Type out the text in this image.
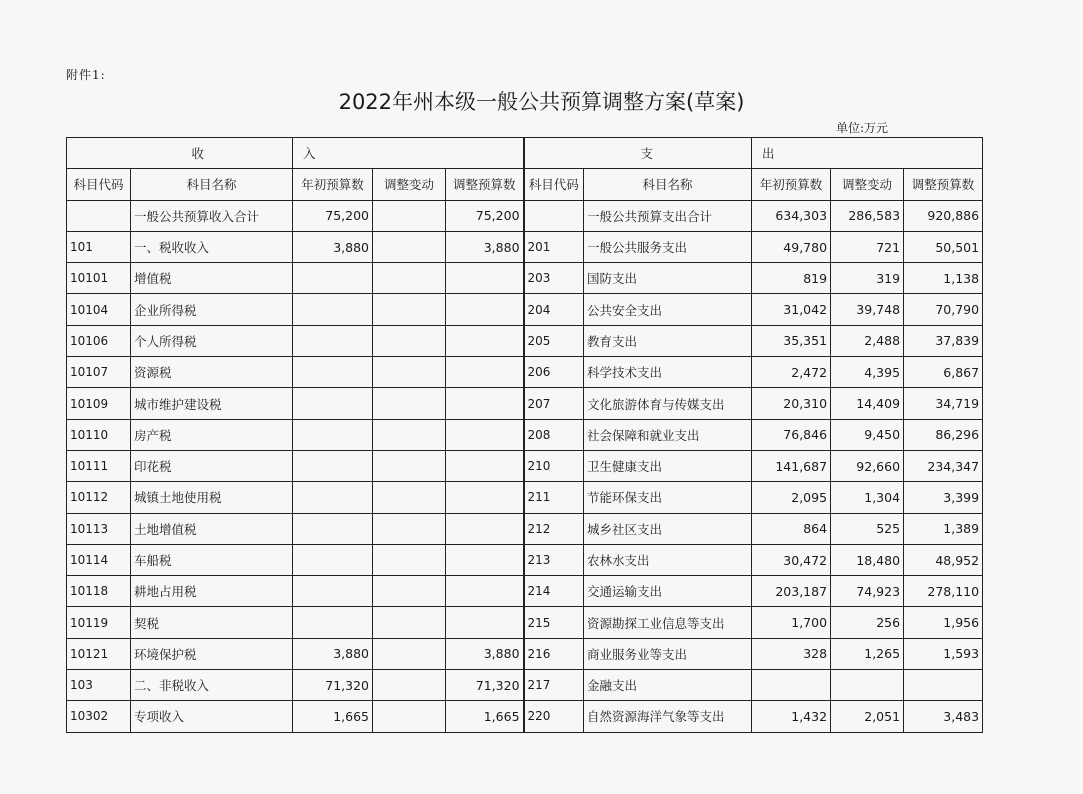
附件1:
2022年州本级一般公共预算调整方案(草案)
单位:万元
收		入			支		出		
科目代码	科目名称	年初预算数	调整变动	调整预算数	科目代码	科目名称	年初预算数	调整变动	调整预算数
	一般公共预算收入合计	75,200		75,200		一般公共预算支出合计	634,303	286,583	920,886
101	一、税收收入	3,880		3,880	201	一般公共服务支出	49,780	721	50,501
10101	增值税				203	国防支出	819	319	1,138
10104	企业所得税				204	公共安全支出	31,042	39,748	70,790
10106	个人所得税				205	教育支出	35,351	2,488	37,839
10107	资源税				206	科学技术支出	2,472	4,395	6,867
10109	城市维护建设税				207	文化旅游体育与传媒支出	20,310	14,409	34,719
10110	房产税				208	社会保障和就业支出	76,846	9,450	86,296
10111	印花税				210	卫生健康支出	141,687	92,660	234,347
10112	城镇土地使用税				211	节能环保支出	2,095	1,304	3,399
10113	土地增值税				212	城乡社区支出	864	525	1,389
10114	车船税				213	农林水支出	30,472	18,480	48,952
10118	耕地占用税				214	交通运输支出	203,187	74,923	278,110
10119	契税				215	资源勘探工业信息等支出	1,700	256	1,956
10121	环境保护税	3,880		3,880	216	商业服务业等支出	328	1,265	1,593
103	二、非税收入	71,320		71,320	217	金融支出			
10302	专项收入	1,665		1,665	220	自然资源海洋气象等支出	1,432	2,051	3,483
